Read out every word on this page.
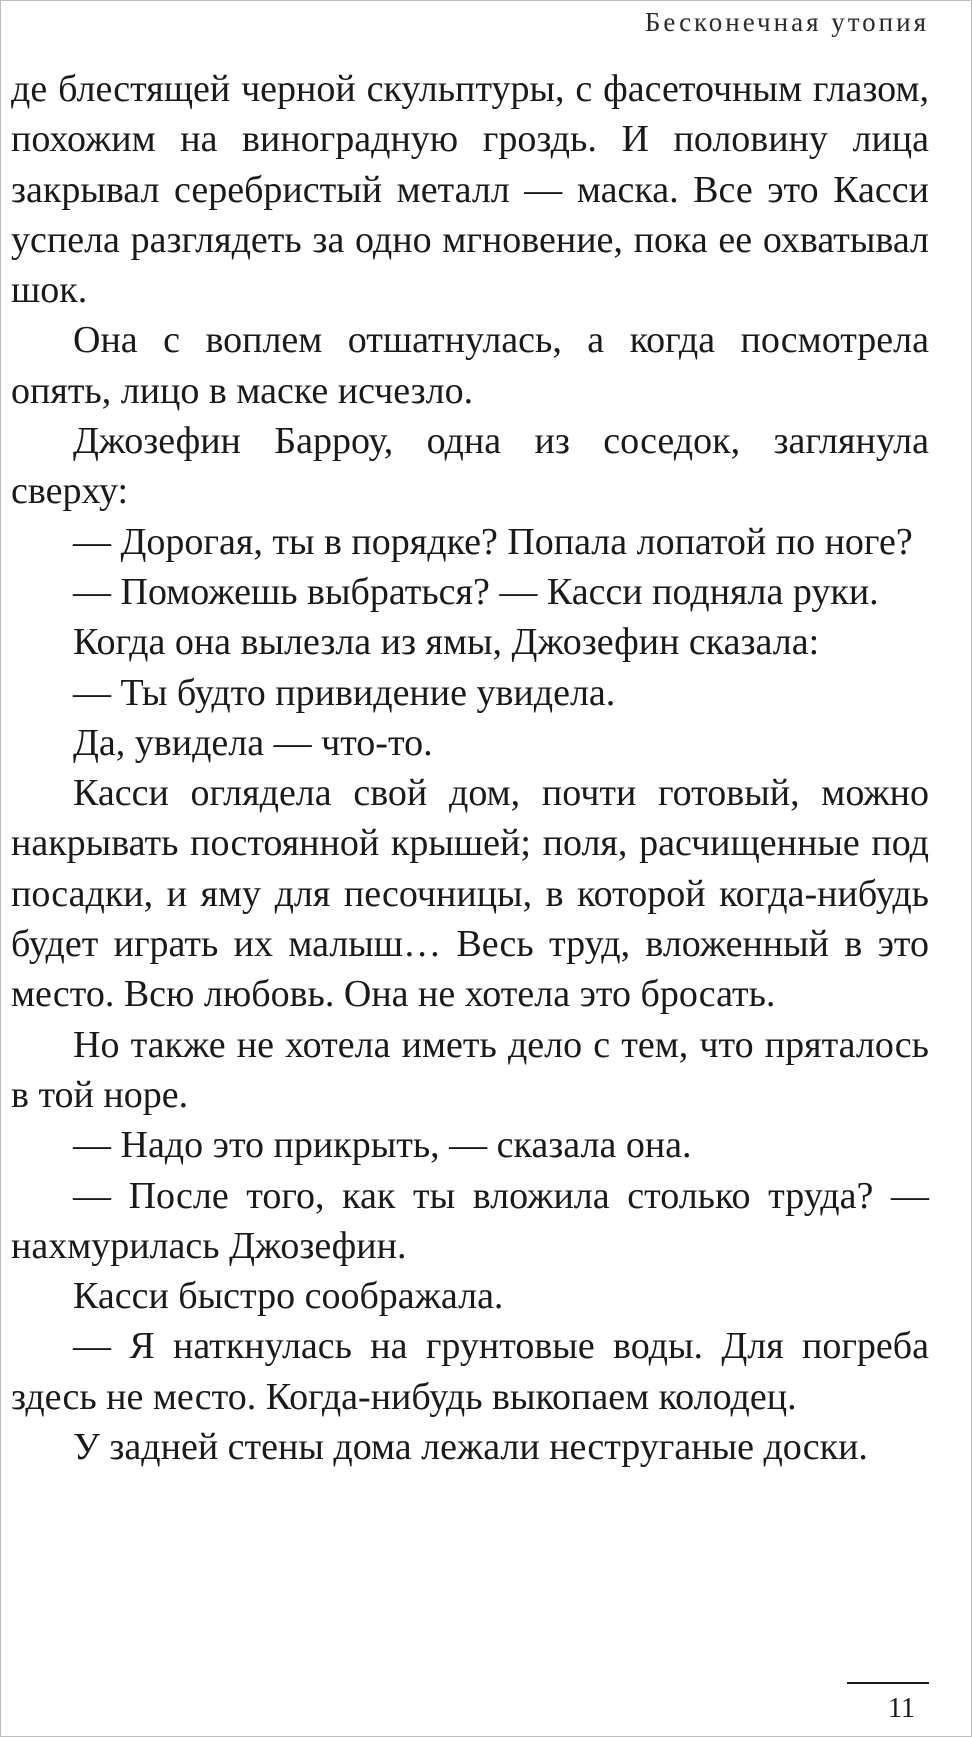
Бесконечная утопия

де блестящей черной скульптуры, с фасеточным глазом, похожим на виноградную гроздь. И половину лица закрывал серебристый металл — маска. Все это Касси успела разглядеть за одно мгновение, пока ее охватывал шок.

Она с воплем отшатнулась, а когда посмотрела опять, лицо в маске исчезло.

Джозефин Барроу, одна из соседок, заглянула сверху:

— Дорогая, ты в порядке? Попала лопатой по ноге?

— Поможешь выбраться? — Касси подняла руки.

Когда она вылезла из ямы, Джозефин сказала:

— Ты будто привидение увидела.

Да, увидела — что-то.

Касси оглядела свой дом, почти готовый, можно накрывать постоянной крышей; поля, расчищенные под посадки, и яму для песочницы, в которой когда-нибудь будет играть их малыш… Весь труд, вложенный в это место. Всю любовь. Она не хотела это бросать.

Но также не хотела иметь дело с тем, что пряталось в той норе.

— Надо это прикрыть, — сказала она.

— После того, как ты вложила столько труда? — нахмурилась Джозефин.

Касси быстро соображала.

— Я наткнулась на грунтовые воды. Для погреба здесь не место. Когда-нибудь выкопаем колодец.

У задней стены дома лежали неструганые доски.

11
